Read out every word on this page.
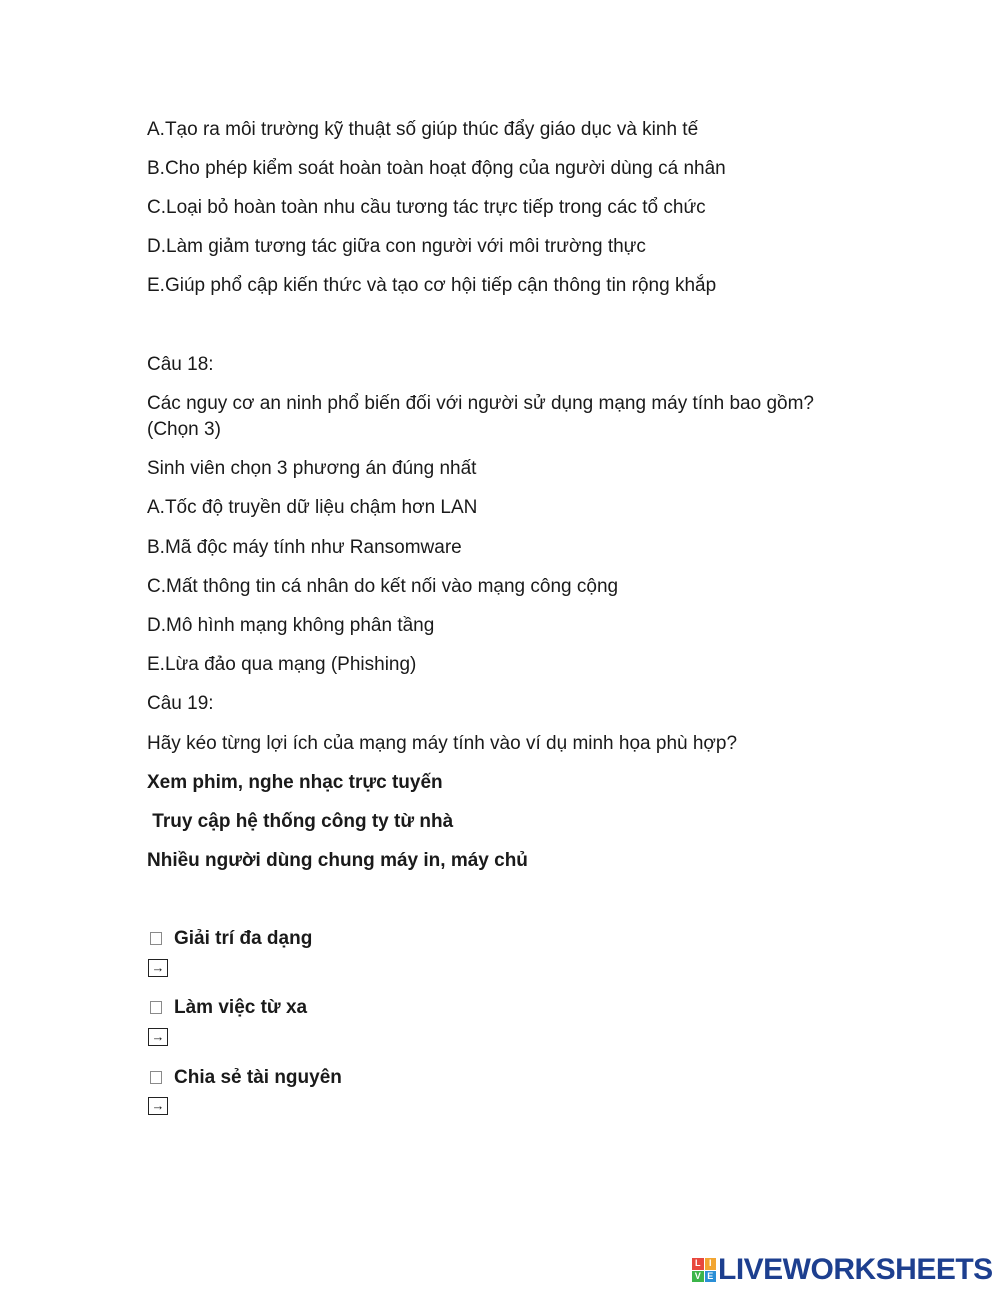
A.Tạo ra môi trường kỹ thuật số giúp thúc đẩy giáo dục và kinh tế
B.Cho phép kiểm soát hoàn toàn hoạt động của người dùng cá nhân
C.Loại bỏ hoàn toàn nhu cầu tương tác trực tiếp trong các tổ chức
D.Làm giảm tương tác giữa con người với môi trường thực
E.Giúp phổ cập kiến thức và tạo cơ hội tiếp cận thông tin rộng khắp
Câu 18:
Các nguy cơ an ninh phổ biến đối với người sử dụng mạng máy tính bao gồm? (Chọn 3)
Sinh viên chọn 3 phương án đúng nhất
A.Tốc độ truyền dữ liệu chậm hơn LAN
B.Mã độc máy tính như Ransomware
C.Mất thông tin cá nhân do kết nối vào mạng công cộng
D.Mô hình mạng không phân tầng
E.Lừa đảo qua mạng (Phishing)
Câu 19:
Hãy kéo từng lợi ích của mạng máy tính vào ví dụ minh họa phù hợp?
Xem phim, nghe nhạc trực tuyến
Truy cập hệ thống công ty từ nhà
Nhiều người dùng chung máy in, máy chủ
Giải trí đa dạng
→
Làm việc từ xa
→
Chia sẻ tài nguyên
→
L I
V E LIVEWORKSHEETS
